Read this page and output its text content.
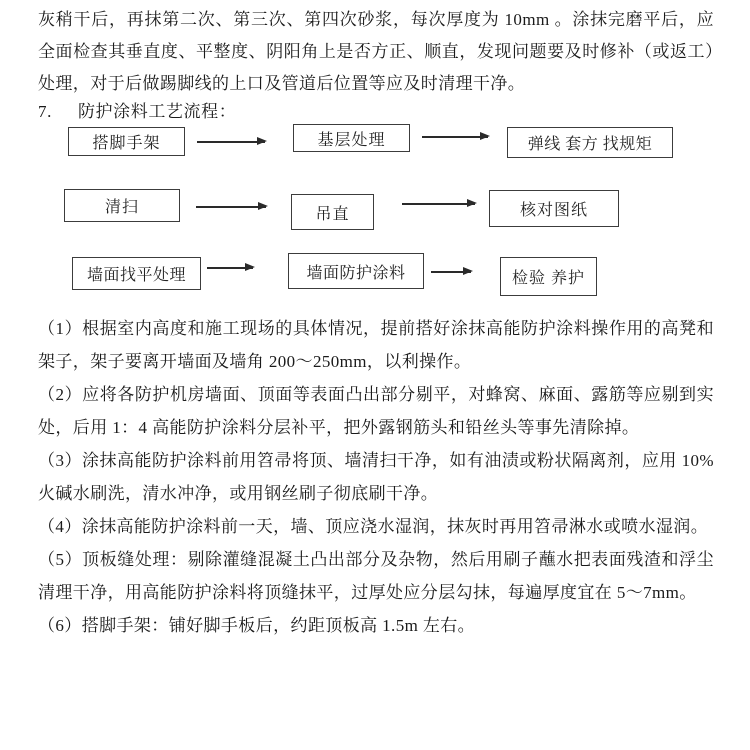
灰稍干后，再抹第二次、第三次、第四次砂浆，每次厚度为 10mm 。涂抹完磨平后，应全面检查其垂直度、平整度、阴阳角上是否方正、顺直，发现问题要及时修补（或返工）处理，对于后做踢脚线的上口及管道后位置等应及时清理干净。

7. 防护涂料工艺流程：

搭脚手架	基层处理	弹线 套方 找规矩
清扫	吊直	核对图纸
墙面找平处理	墙面防护涂料	检验 养护

（1）根据室内高度和施工现场的具体情况，提前搭好涂抹高能防护涂料操作用的高凳和架子，架子要离开墙面及墙角 200～250mm，以利操作。

（2）应将各防护机房墙面、顶面等表面凸出部分剔平，对蜂窝、麻面、露筋等应剔到实处，后用 1：4 高能防护涂料分层补平，把外露钢筋头和铅丝头等事先清除掉。

（3）涂抹高能防护涂料前用笤帚将顶、墙清扫干净，如有油渍或粉状隔离剂，应用 10%火碱水刷洗，清水冲净，或用钢丝刷子彻底刷干净。

（4）涂抹高能防护涂料前一天，墙、顶应浇水湿润，抹灰时再用笤帚淋水或喷水湿润。

（5）顶板缝处理：剔除灌缝混凝土凸出部分及杂物，然后用刷子蘸水把表面残渣和浮尘清理干净，用高能防护涂料将顶缝抹平，过厚处应分层勾抹，每遍厚度宜在 5～7mm。

（6）搭脚手架：铺好脚手板后，约距顶板高 1.5m 左右。
